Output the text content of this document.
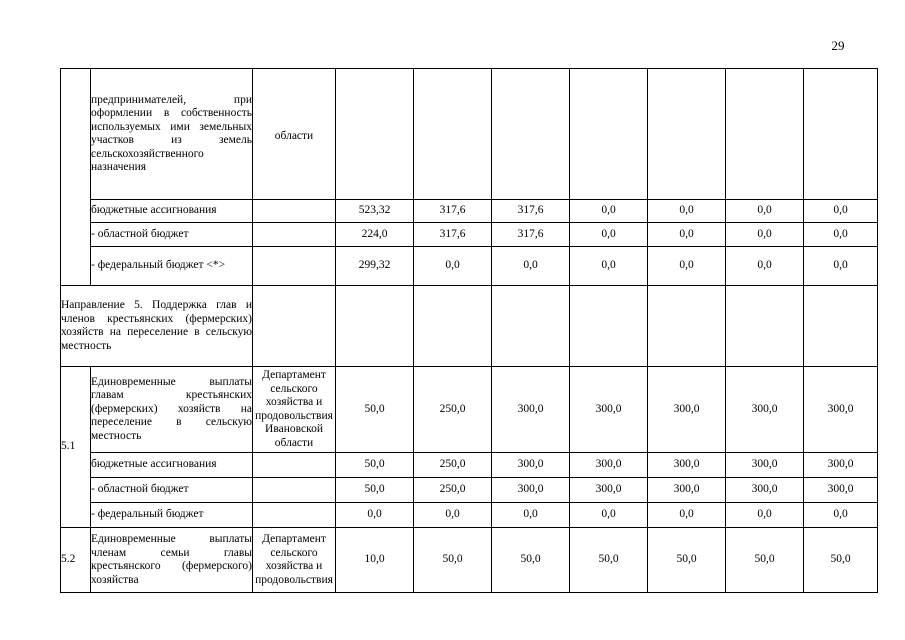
29
	предпринимателей, при оформлении в собственность используемых ими земельных участков из земель сельскохозяйственного назначения	области							
	бюджетные ассигнования		523,32	317,6	317,6	0,0	0,0	0,0	0,0
	- областной бюджет		224,0	317,6	317,6	0,0	0,0	0,0	0,0
	- федеральный бюджет <*>		299,32	0,0	0,0	0,0	0,0	0,0	0,0
Направление 5. Поддержка глав и членов крестьянских (фермерских) хозяйств на переселение в сельскую местность									
5.1	Единовременные выплаты главам крестьянских (фермерских) хозяйств на переселение в сельскую местность	Департамент сельского хозяйства и продовольствия Ивановской области	50,0	250,0	300,0	300,0	300,0	300,0	300,0
	бюджетные ассигнования		50,0	250,0	300,0	300,0	300,0	300,0	300,0
	- областной бюджет		50,0	250,0	300,0	300,0	300,0	300,0	300,0
	- федеральный бюджет		0,0	0,0	0,0	0,0	0,0	0,0	0,0
5.2	Единовременные выплаты членам семьи главы крестьянского (фермерского) хозяйства	Департамент сельского хозяйства и продовольствия	10,0	50,0	50,0	50,0	50,0	50,0	50,0
